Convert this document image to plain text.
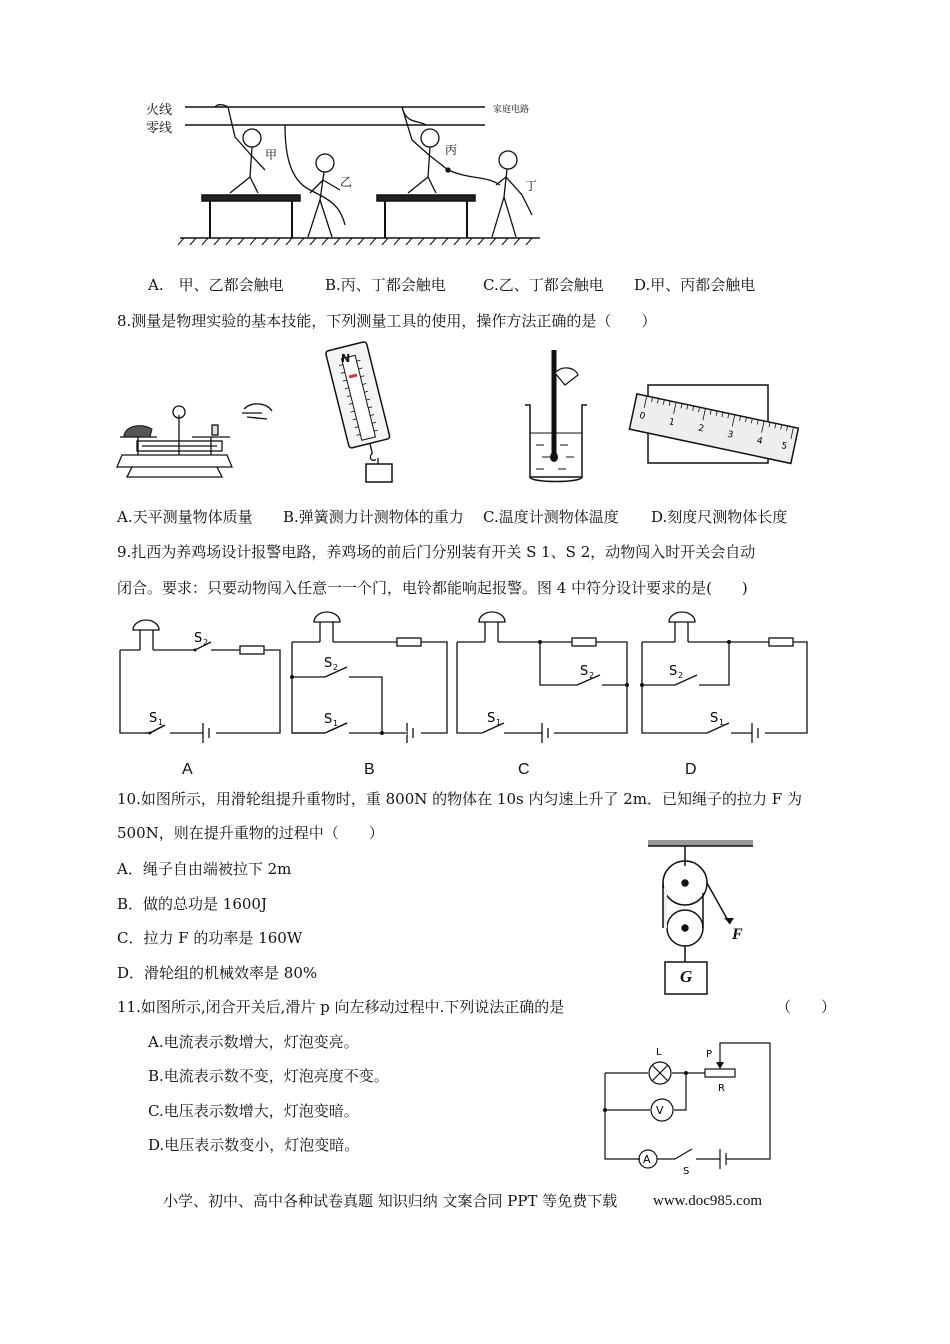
火线
零线
家庭电路
甲
乙
丙
丁
A.　甲、乙都会触电	B.丙、丁都会触电 C.乙、丁都会触电 D.甲、丙都会触电
8.测量是物理实验的基本技能，下列测量工具的使用，操作方法正确的是（　　）
N
0
1
2
3
4 5
A.天平测量物体质量 B.弹簧测力计测物体的重力 C.温度计测物体温度 D.刻度尺测物体长度
9.扎西为养鸡场设计报警电路，养鸡场的前后门分别装有开关 S 1、S 2，动物闯入时开关会自动
闭合。要求：只要动物闯入任意一一个门，电铃都能响起报警。图 4 中符分设计要求的是(　　)
S 2
S 1
S 2
S 1
S 2
S 1
S 2
S 1
A	B	C	D
10.如图所示，用滑轮组提升重物时，重 800N 的物体在 10s 内匀速上升了 2m．已知绳子的拉力 F 为
500N，则在提升重物的过程中（　　）
A．绳子自由端被拉下 2m
B．做的总功是 1600J
C．拉力 F 的功率是 160W
D．滑轮组的机械效率是 80%
F
G
11.如图所示,闭合开关后,滑片 p 向左移动过程中.下列说法正确的是	（　　）
A.电流表示数增大，灯泡变亮。
B.电流表示数不变，灯泡亮度不变。
C.电压表示数增大，灯泡变暗。
D.电压表示数变小，灯泡变暗。
V
A
L	P
R
S
小学、初中、高中各种试卷真题 知识归纳 文案合同 PPT 等免费下载 www.doc985.com
